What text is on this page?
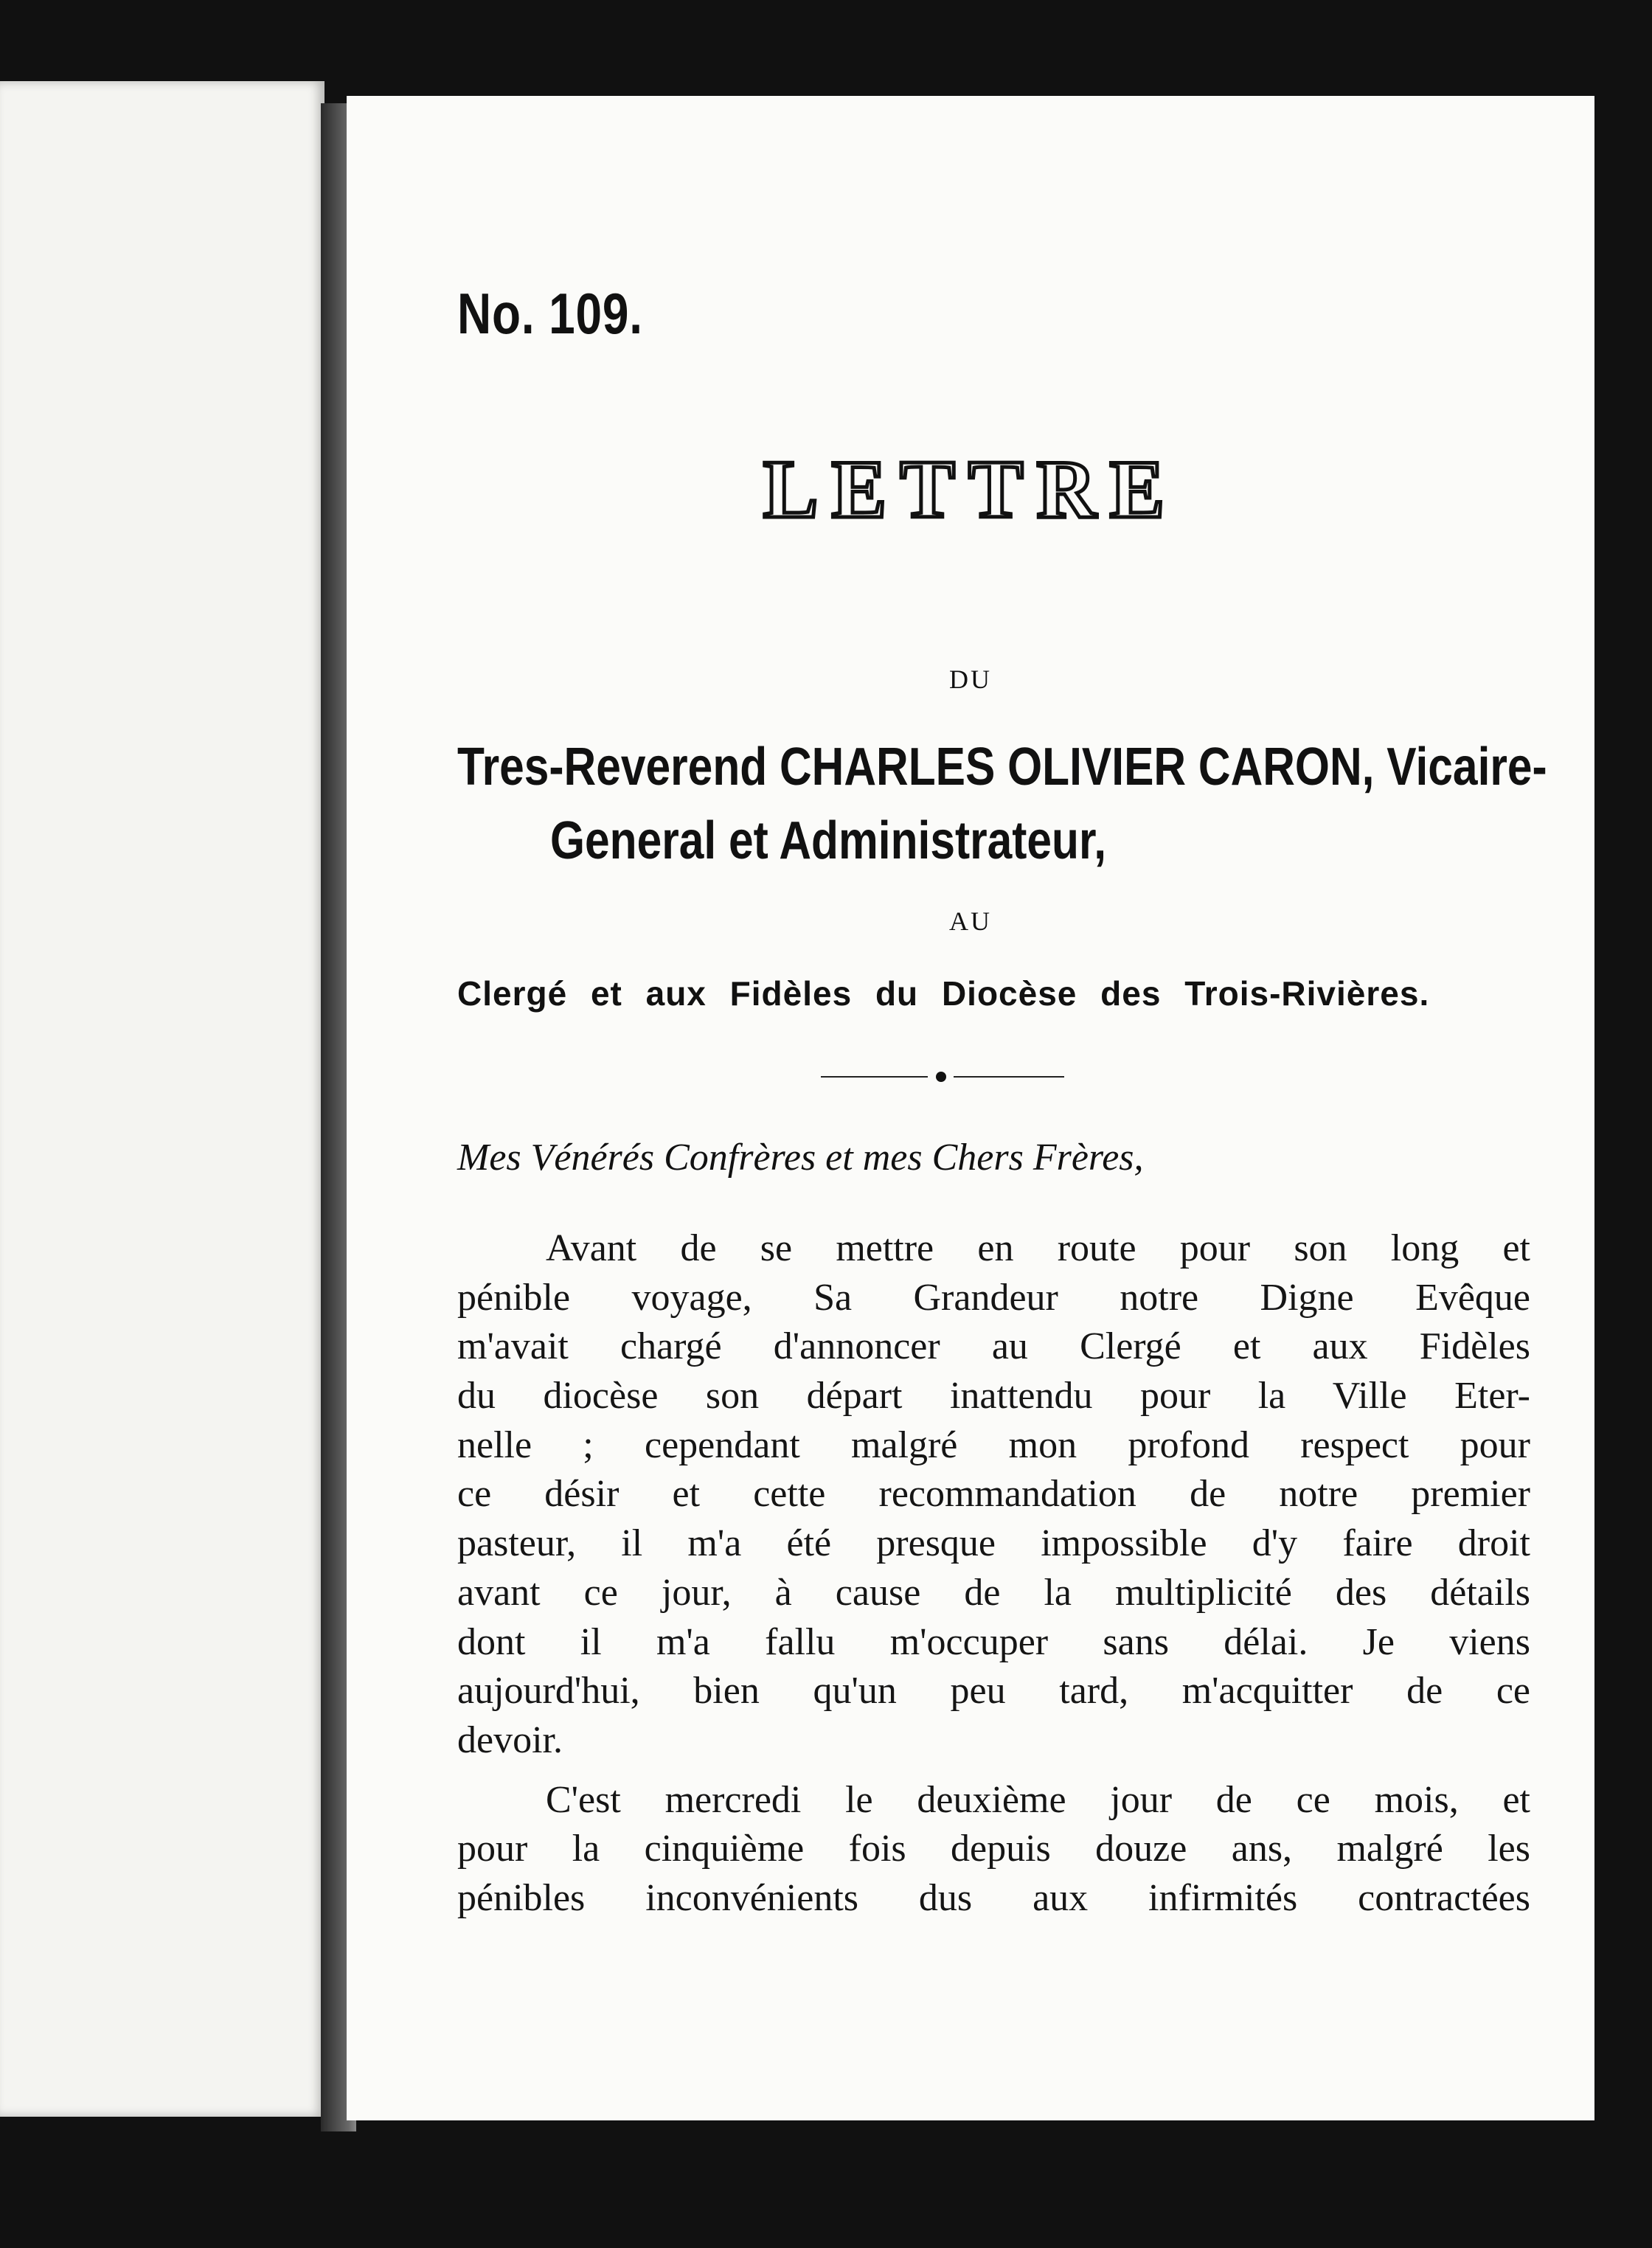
No. 109.
LETTRE
DU
Tres-Reverend CHARLES OLIVIER CARON, Vicaire-
General et Administrateur,
AU
Clergé et aux Fidèles du Diocèse des Trois-Rivières.
Mes Vénérés Confrères et mes Chers Frères,
Avant de se mettre en route pour son long et
pénible voyage, Sa Grandeur notre Digne Evêque
m'avait chargé d'annoncer au Clergé et aux Fidèles
du diocèse son départ inattendu pour la Ville Eter-
nelle ; cependant malgré mon profond respect pour
ce désir et cette recommandation de notre premier
pasteur, il m'a été presque impossible d'y faire droit
avant ce jour, à cause de la multiplicité des détails
dont il m'a fallu m'occuper sans délai. Je viens
aujourd'hui, bien qu'un peu tard, m'acquitter de ce
devoir.
C'est mercredi le deuxième jour de ce mois, et
pour la cinquième fois depuis douze ans, malgré les
pénibles inconvénients dus aux infirmités contractées
